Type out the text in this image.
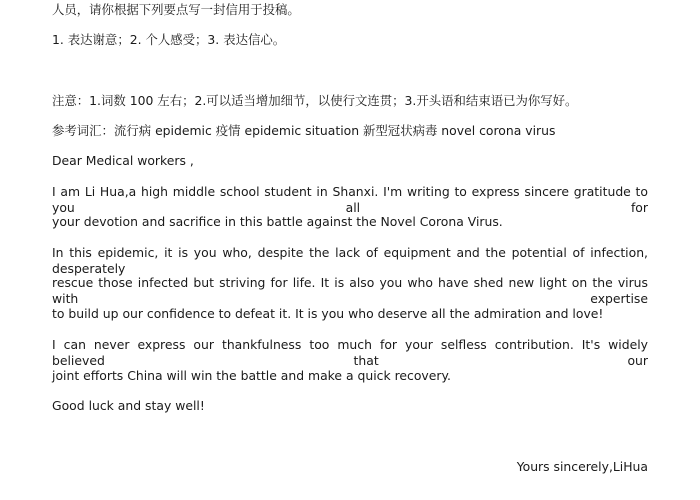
人员，请你根据下列要点写一封信用于投稿。
1. 表达谢意；2. 个人感受；3. 表达信心。
注意：1.词数 100 左右；2.可以适当增加细节，以使行文连贯；3.开头语和结束语已为你写好。
参考词汇：流行病 epidemic 疫情 epidemic situation 新型冠状病毒 novel corona virus
Dear Medical workers ,
I am Li Hua,a high middle school student in Shanxi. I'm writing to express sincere gratitude to you all for
your devotion and sacrifice in this battle against the Novel Corona Virus.
In this epidemic, it is you who, despite the lack of equipment and the potential of infection, desperately
rescue those infected but striving for life. It is also you who have shed new light on the virus with expertise
to build up our confidence to defeat it. It is you who deserve all the admiration and love!
I can never express our thankfulness too much for your selfless contribution. It's widely believed that our
joint efforts China will win the battle and make a quick recovery.
Good luck and stay well!
Yours sincerely,LiHua
